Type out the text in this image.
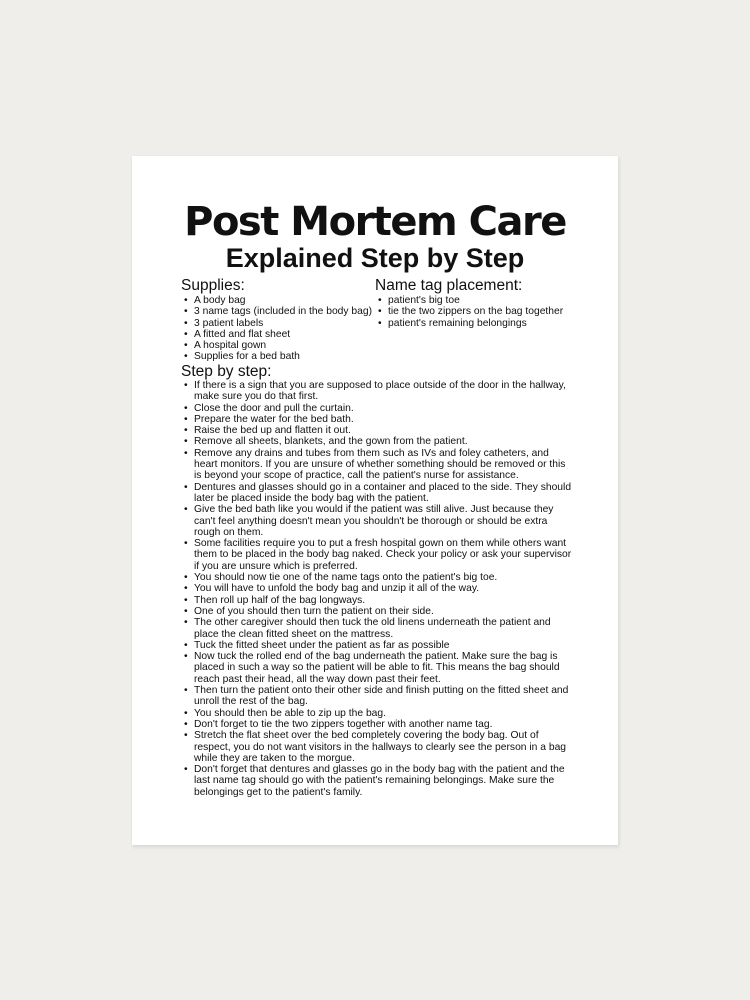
Post Mortem Care
Explained Step by Step
Supplies:
• A body bag
• 3 name tags (included in the body bag)
• 3 patient labels
• A fitted and flat sheet
• A hospital gown
• Supplies for a bed bath
Name tag placement:
• patient's big toe
• tie the two zippers on the bag together
• patient's remaining belongings
Step by step:
• If there is a sign that you are supposed to place outside of the door in the hallway, make sure you do that first.
• Close the door and pull the curtain.
• Prepare the water for the bed bath.
• Raise the bed up and flatten it out.
• Remove all sheets, blankets, and the gown from the patient.
• Remove any drains and tubes from them such as IVs and foley catheters, and heart monitors. If you are unsure of whether something should be removed or this is beyond your scope of practice, call the patient's nurse for assistance.
• Dentures and glasses should go in a container and placed to the side. They should later be placed inside the body bag with the patient.
• Give the bed bath like you would if the patient was still alive. Just because they can't feel anything doesn't mean you shouldn't be thorough or should be extra rough on them.
• Some facilities require you to put a fresh hospital gown on them while others want them to be placed in the body bag naked. Check your policy or ask your supervisor if you are unsure which is preferred.
• You should now tie one of the name tags onto the patient's big toe.
• You will have to unfold the body bag and unzip it all of the way.
• Then roll up half of the bag longways.
• One of you should then turn the patient on their side.
• The other caregiver should then tuck the old linens underneath the patient and place the clean fitted sheet on the mattress.
• Tuck the fitted sheet under the patient as far as possible
• Now tuck the rolled end of the bag underneath the patient. Make sure the bag is placed in such a way so the patient will be able to fit. This means the bag should reach past their head, all the way down past their feet.
• Then turn the patient onto their other side and finish putting on the fitted sheet and unroll the rest of the bag.
• You should then be able to zip up the bag.
• Don't forget to tie the two zippers together with another name tag.
• Stretch the flat sheet over the bed completely covering the body bag. Out of respect, you do not want visitors in the hallways to clearly see the person in a bag while they are taken to the morgue.
• Don't forget that dentures and glasses go in the body bag with the patient and the last name tag should go with the patient's remaining belongings. Make sure the belongings get to the patient's family.
